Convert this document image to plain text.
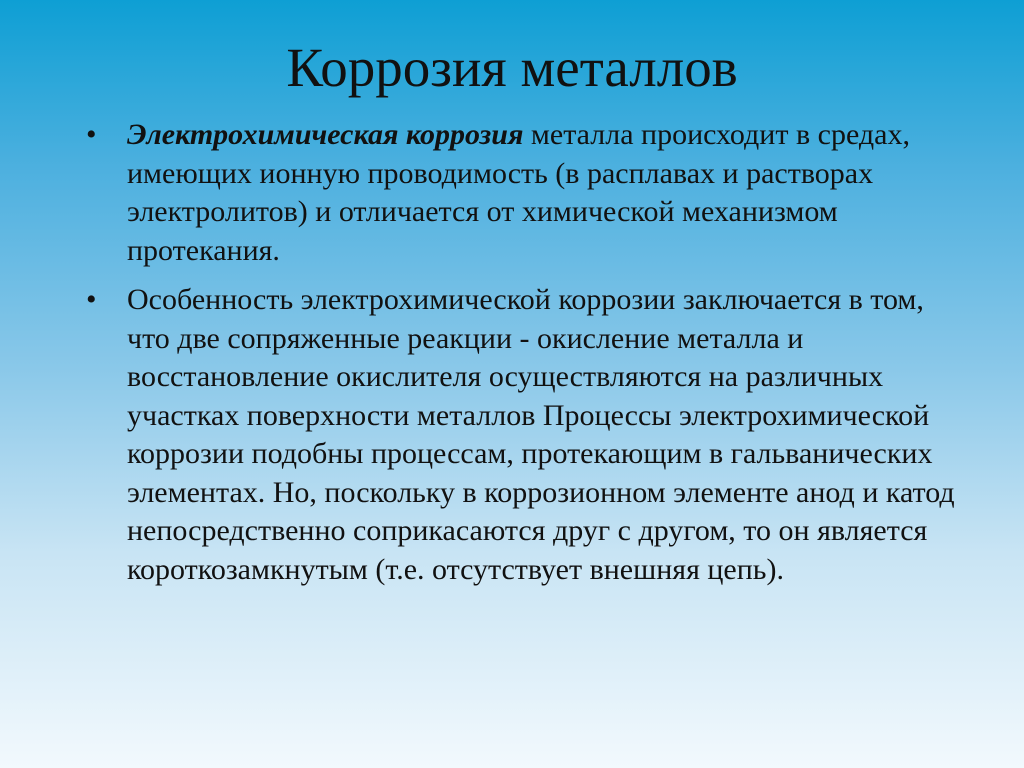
Коррозия металлов
• Электрохимическая коррозия металла происходит в средах, имеющих ионную проводимость (в расплавах и растворах электролитов) и отличается от химической механизмом протекания.
• Особенность электрохимической коррозии заключается в том, что две сопряженные реакции - окисление металла и восстановление окислителя осуществляются на различных участках поверхности металлов Процессы электрохимической коррозии подобны процессам, протекающим в гальванических элементах. Но, поскольку в коррозионном элементе анод и катод непосредственно соприкасаются друг с другом, то он является короткозамкнутым (т.е. отсутствует внешняя цепь).
